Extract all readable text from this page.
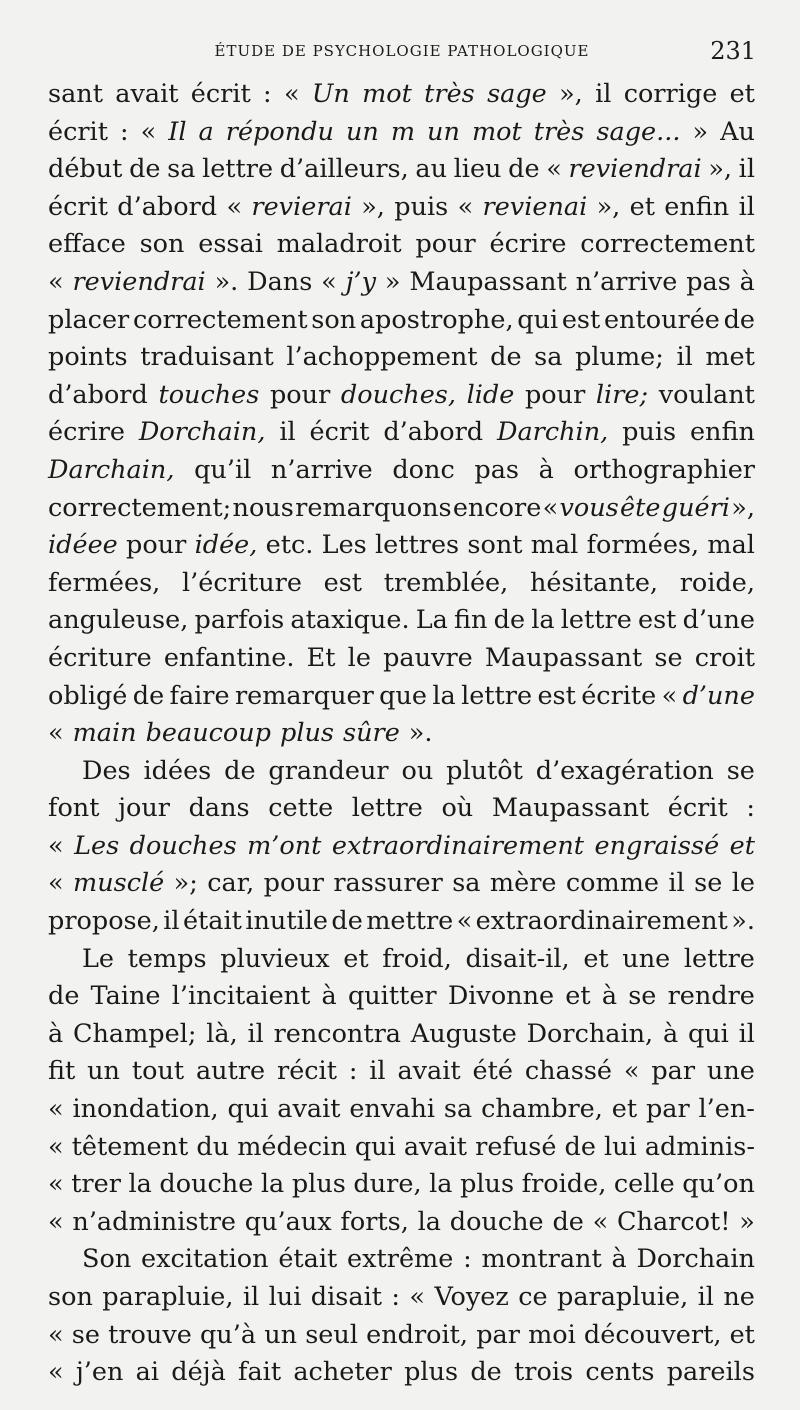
ÉTUDE DE PSYCHOLOGIE PATHOLOGIQUE	231
sant avait écrit : « Un mot très sage », il corrige et
écrit : « Il a répondu un m un mot très sage... » Au
début de sa lettre d’ailleurs, au lieu de « reviendrai », il
écrit d’abord « revierai », puis « revienai », et enfin il
efface son essai maladroit pour écrire correctement
« reviendrai ». Dans « j’y » Maupassant n’arrive pas à
placer correctement son apostrophe, qui est entourée de
points traduisant l’achoppement de sa plume; il met
d’abord touches pour douches, lide pour lire; voulant
écrire Dorchain, il écrit d’abord Darchin, puis enfin
Darchain, qu’il n’arrive donc pas à orthographier
correctement; nous remarquons encore « vous ête guéri »,
idéee pour idée, etc. Les lettres sont mal formées, mal
fermées, l’écriture est tremblée, hésitante, roide,
anguleuse, parfois ataxique. La fin de la lettre est d’une
écriture enfantine. Et le pauvre Maupassant se croit
obligé de faire remarquer que la lettre est écrite « d’une
« main beaucoup plus sûre ».
Des idées de grandeur ou plutôt d’exagération se
font jour dans cette lettre où Maupassant écrit :
« Les douches m’ont extraordinairement engraissé et
« musclé »; car, pour rassurer sa mère comme il se le
propose, il était inutile de mettre « extraordinairement ».
Le temps pluvieux et froid, disait-il, et une lettre
de Taine l’incitaient à quitter Divonne et à se rendre
à Champel; là, il rencontra Auguste Dorchain, à qui il
fit un tout autre récit : il avait été chassé « par une
« inondation, qui avait envahi sa chambre, et par l’en-
« têtement du médecin qui avait refusé de lui adminis-
« trer la douche la plus dure, la plus froide, celle qu’on
« n’administre qu’aux forts, la douche de « Charcot! »
Son excitation était extrême : montrant à Dorchain
son parapluie, il lui disait : « Voyez ce parapluie, il ne
« se trouve qu’à un seul endroit, par moi découvert, et
« j’en ai déjà fait acheter plus de trois cents pareils
